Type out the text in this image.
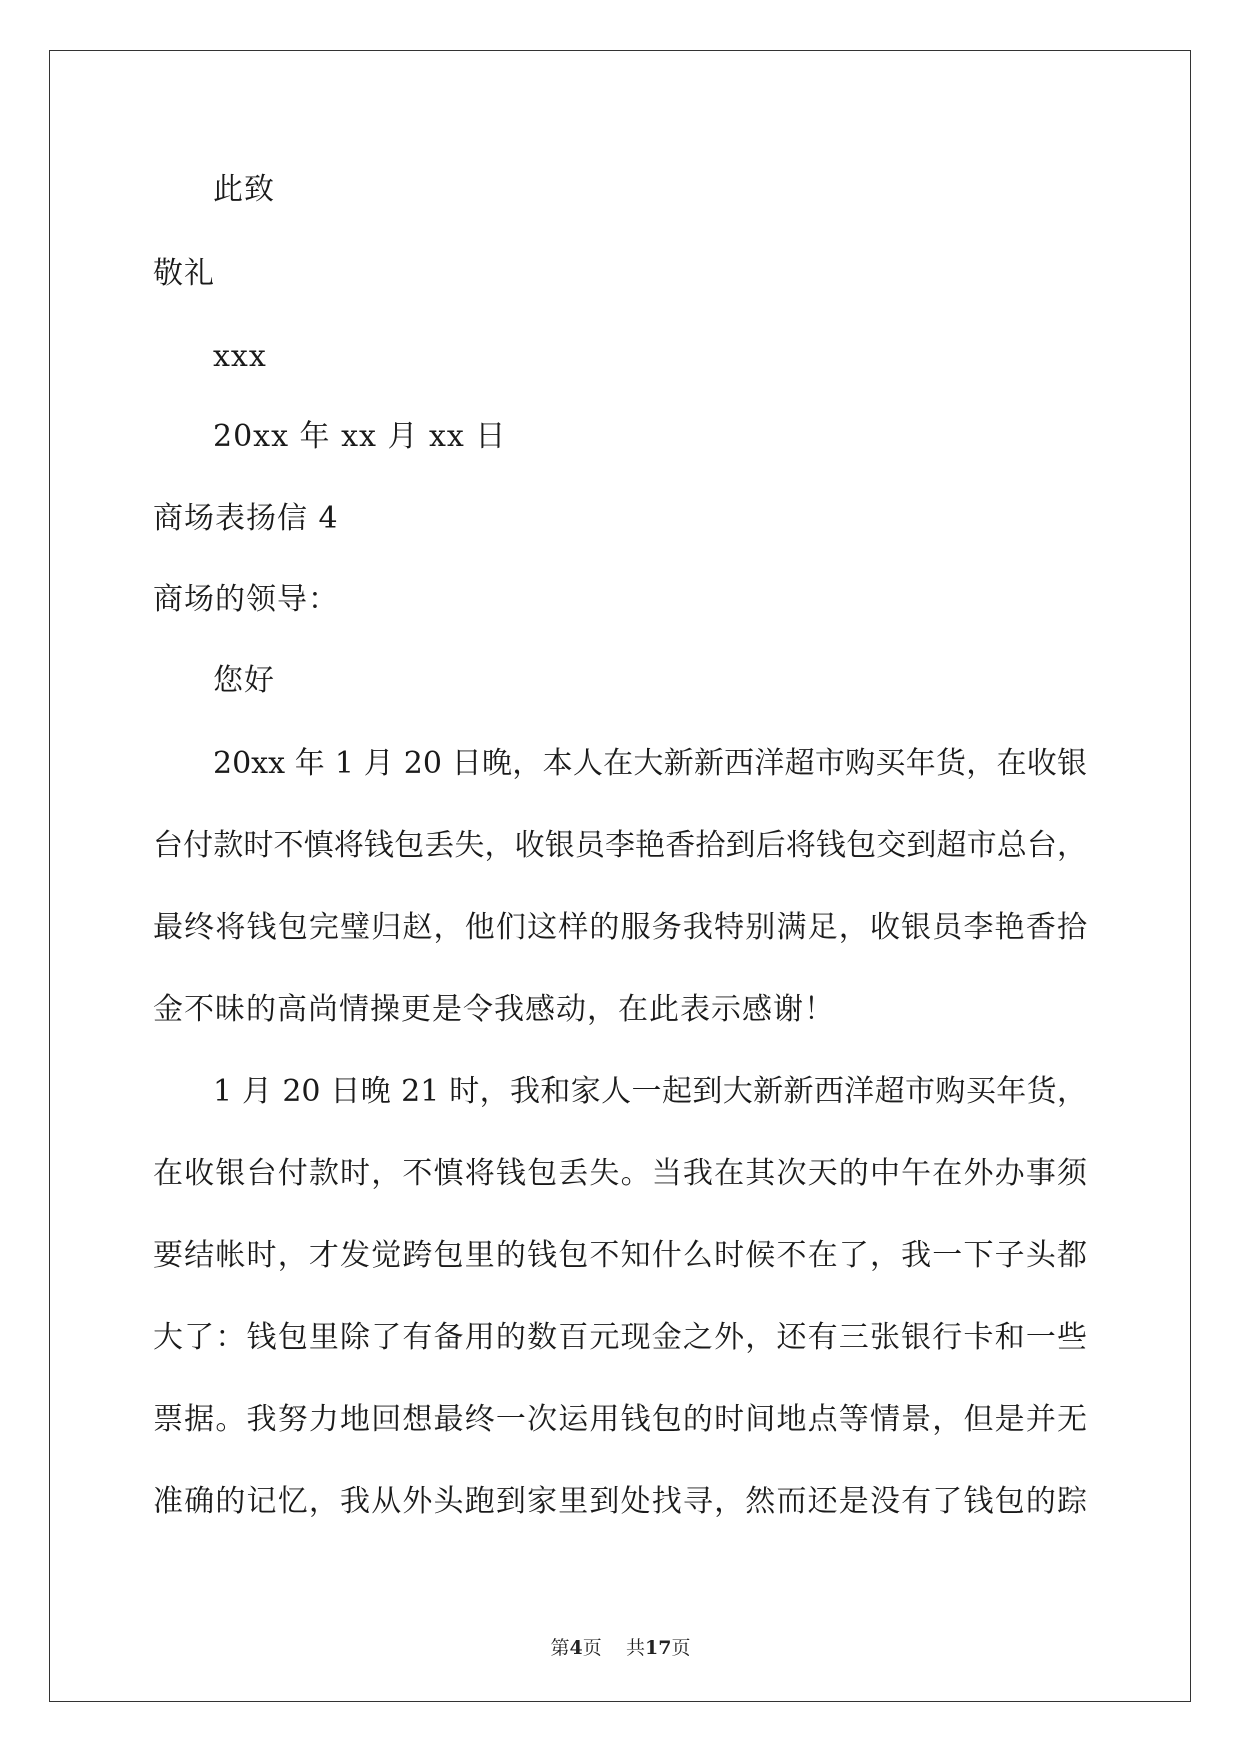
此致
敬礼
xxx
20xx 年 xx 月 xx 日
商场表扬信 4
商场的领导：
您好
20xx 年 1 月 20 日晚，本人在大新新西洋超市购买年货，在收银
台付款时不慎将钱包丢失，收银员李艳香拾到后将钱包交到超市总台，
最终将钱包完璧归赵，他们这样的服务我特别满足，收银员李艳香拾
金不昧的高尚情操更是令我感动，在此表示感谢！
1 月 20 日晚 21 时，我和家人一起到大新新西洋超市购买年货，
在收银台付款时，不慎将钱包丢失。当我在其次天的中午在外办事须
要结帐时，才发觉跨包里的钱包不知什么时候不在了，我一下子头都
大了：钱包里除了有备用的数百元现金之外，还有三张银行卡和一些
票据。我努力地回想最终一次运用钱包的时间地点等情景，但是并无
准确的记忆，我从外头跑到家里到处找寻，然而还是没有了钱包的踪
第4页 共17页
